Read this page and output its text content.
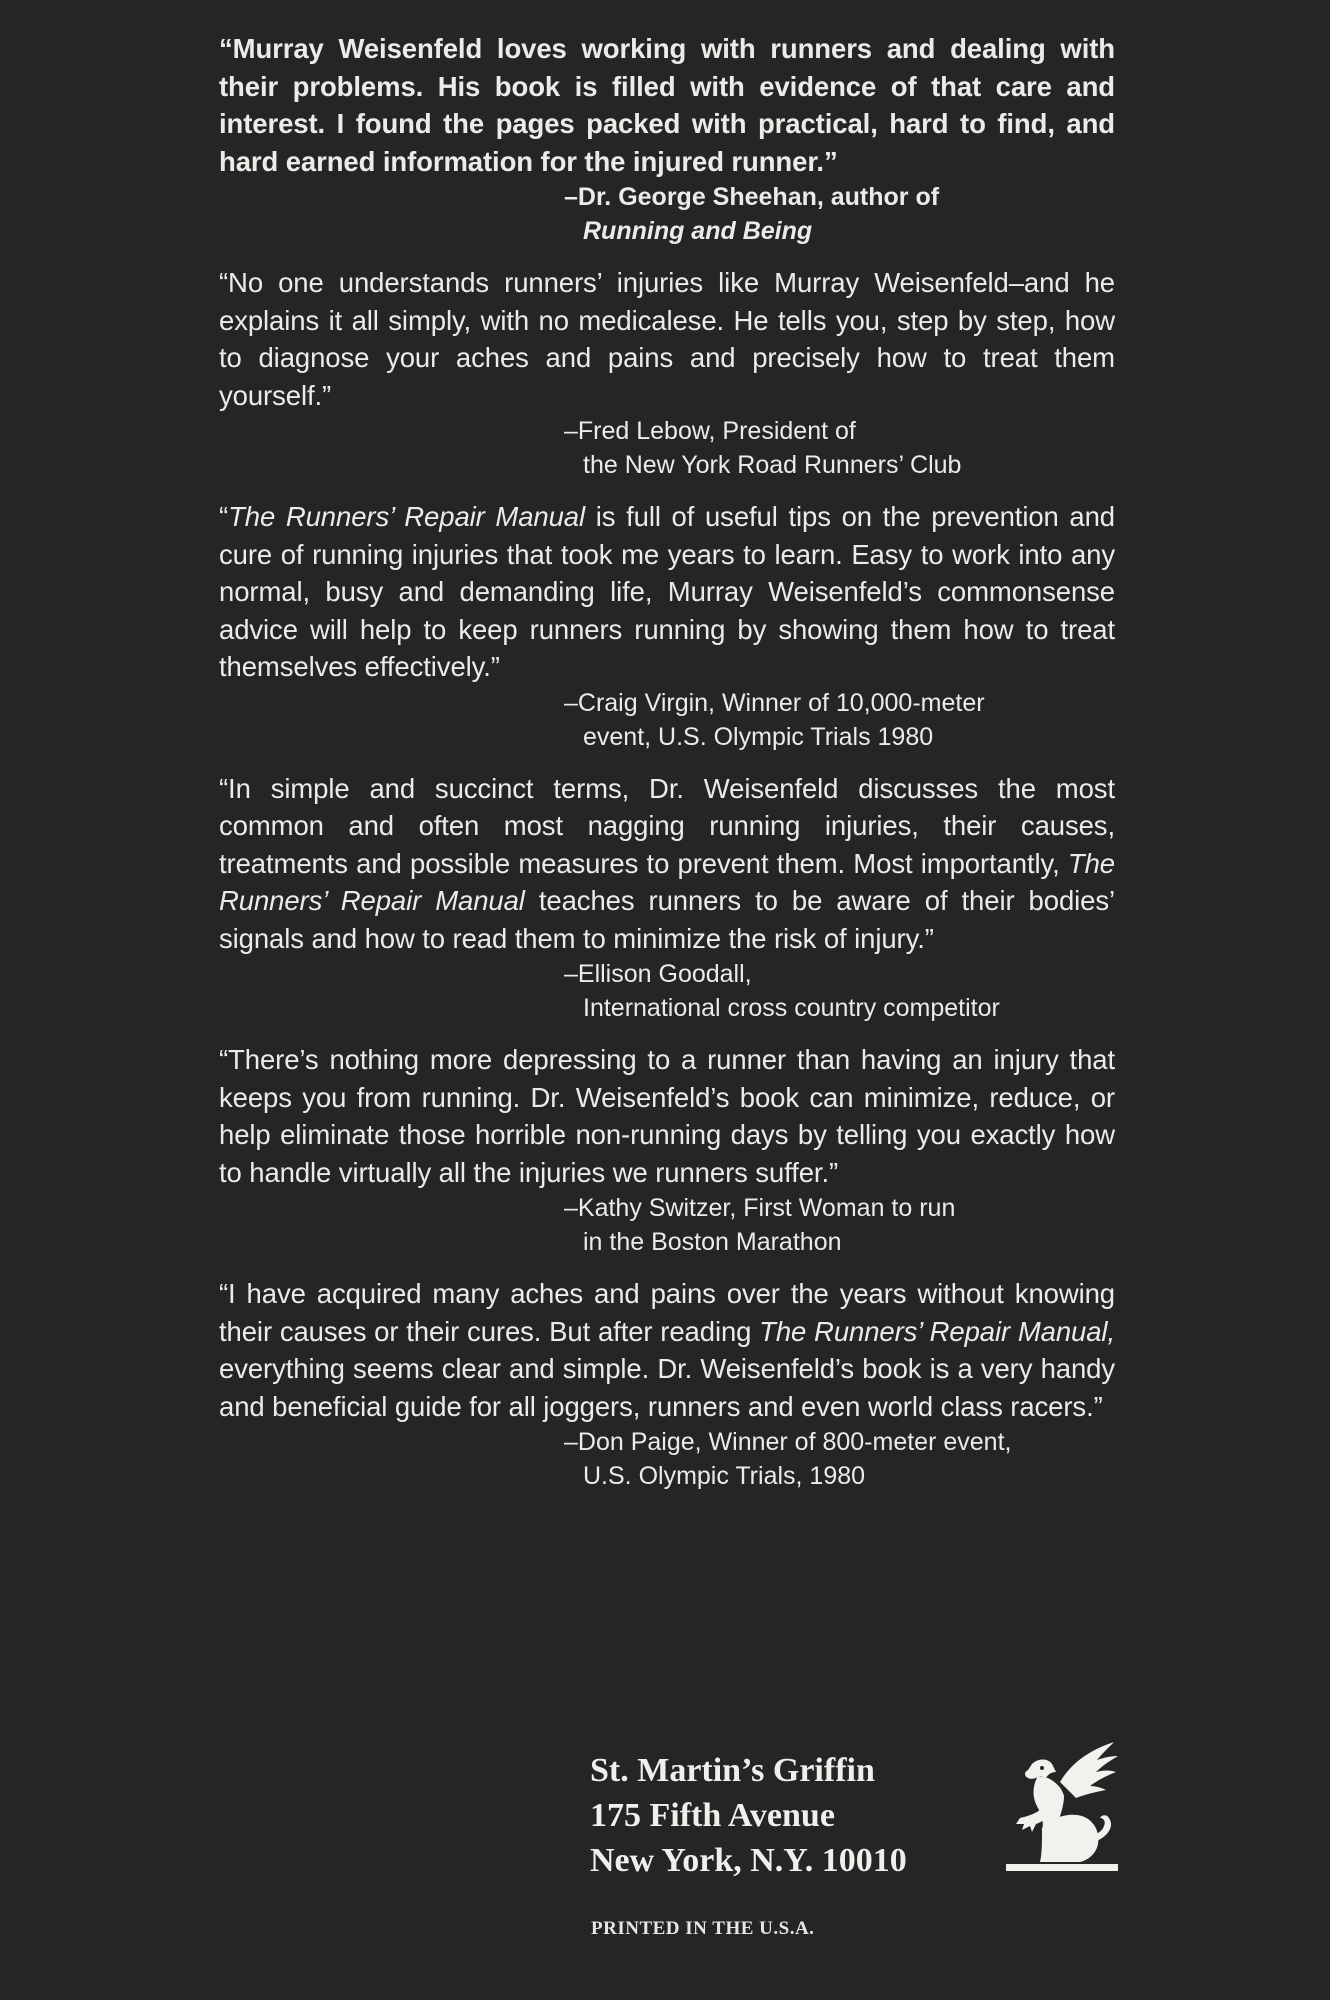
“Murray Weisenfeld loves working with runners and dealing with their problems. His book is filled with evidence of that care and interest. I found the pages packed with practical, hard to find, and hard earned information for the injured runner.”

–Dr. George Sheehan, author of
Running and Being

“No one understands runners’ injuries like Murray Weisenfeld–and he explains it all simply, with no medicalese. He tells you, step by step, how to diagnose your aches and pains and precisely how to treat them yourself.”

–Fred Lebow, President of
the New York Road Runners’ Club

“The Runners’ Repair Manual is full of useful tips on the prevention and cure of running injuries that took me years to learn. Easy to work into any normal, busy and demanding life, Murray Weisenfeld’s commonsense advice will help to keep runners running by showing them how to treat themselves effectively.”

–Craig Virgin, Winner of 10,000-meter
event, U.S. Olympic Trials 1980

“In simple and succinct terms, Dr. Weisenfeld discusses the most common and often most nagging running injuries, their causes, treatments and possible measures to prevent them. Most importantly, The Runners’ Repair Manual teaches runners to be aware of their bodies’ signals and how to read them to minimize the risk of injury.”

–Ellison Goodall,
International cross country competitor

“There’s nothing more depressing to a runner than having an injury that keeps you from running. Dr. Weisenfeld’s book can minimize, reduce, or help eliminate those horrible non-running days by telling you exactly how to handle virtually all the injuries we runners suffer.”

–Kathy Switzer, First Woman to run
in the Boston Marathon

“I have acquired many aches and pains over the years without knowing their causes or their cures. But after reading The Runners’ Repair Manual, everything seems clear and simple. Dr. Weisenfeld’s book is a very handy and beneficial guide for all joggers, runners and even world class racers.”

–Don Paige, Winner of 800-meter event,
U.S. Olympic Trials, 1980
St. Martin’s Griffin
175 Fifth Avenue
New York, N.Y. 10010
PRINTED IN THE U.S.A.
